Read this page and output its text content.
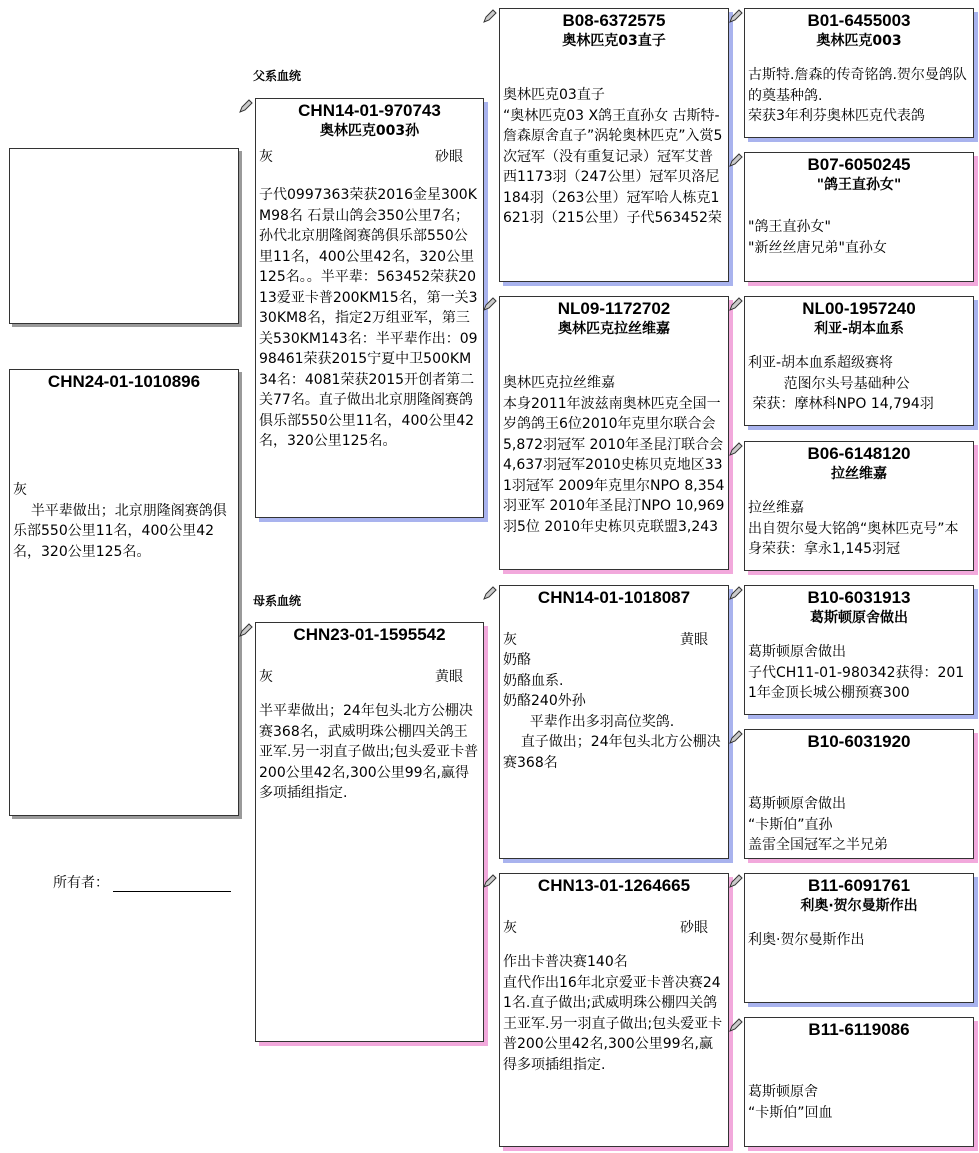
父系血统
母系血统
所有者：
CHN24-01-1010896
灰
半平辈做出；北京朋隆阁赛鸽俱乐部550公里11名，400公里42名，320公里125名。
CHN14-01-970743
奥林匹克003孙
灰	砂眼
子代0997363荣获2016金星300KM98名 石景山鸽会350公里7名；孙代北京朋隆阁赛鸽俱乐部550公里11名，400公里42名，320公里125名。。半平辈：563452荣获2013爱亚卡普200KM15名，第一关330KM8名，指定2万组亚军，第三关530KM143名：半平辈作出：0998461荣获2015宁夏中卫500KM34名：4081荣获2015开创者第二关77名。直子做出北京朋隆阁赛鸽俱乐部550公里11名，400公里42名，320公里125名。
CHN23-01-1595542
灰	黄眼
半平辈做出；24年包头北方公棚决赛368名，武威明珠公棚四关鸽王亚军.另一羽直子做出;包头爱亚卡普200公里42名,300公里99名,赢得多项插组指定.
B08-6372575
奥林匹克03直子
奥林匹克03直子
“奥林匹克03 X鸽王直孙女 古斯特-詹森原舍直子”涡轮奥林匹克”入赏5次冠军（没有重复记录）冠军艾普西1173羽（247公里）冠军贝洛尼184羽（263公里）冠军哈人栋克1621羽（215公里）子代563452荣
NL09-1172702
奥林匹克拉丝维嘉
奥林匹克拉丝维嘉
本身2011年波兹南奥林匹克全国一岁鸽鸽王6位2010年克里尔联合会5,872羽冠军 2010年圣昆汀联合会4,637羽冠军2010史栋贝克地区331羽冠军 2009年克里尔NPO 8,354羽亚军 2010年圣昆汀NPO 10,969羽5位 2010年史栋贝克联盟3,243
CHN14-01-1018087
灰	黄眼
奶酪
奶酪血系.
奶酪240外孙
平辈作出多羽高位奖鸽.
直子做出；24年包头北方公棚决赛368名
CHN13-01-1264665
灰	砂眼
作出卡普决赛140名
直代作出16年北京爱亚卡普决赛241名.直子做出;武威明珠公棚四关鸽王亚军.另一羽直子做出;包头爱亚卡普200公里42名,300公里99名,赢得多项插组指定.
B01-6455003
奥林匹克003
古斯特.詹森的传奇铭鸽.贺尔曼鸽队的奠基种鸽.
荣获3年利芬奥林匹克代表鸽
B07-6050245
"鸽王直孙女"
"鸽王直孙女"
"新丝丝唐兄弟"直孙女
NL00-1957240
利亚-胡本血系
利亚-胡本血系超级赛将
范图尔头号基础种公
荣获：摩林科NPO 14,794羽
B06-6148120
拉丝维嘉
拉丝维嘉
出自贺尔曼大铭鸽“奥林匹克号”本身荣获：拿永1,145羽冠
B10-6031913
葛斯顿原舍做出
葛斯顿原舍做出
子代CH11-01-980342获得：2011年金顶长城公棚预赛300
B10-6031920
葛斯顿原舍做出
“卡斯伯”直孙
盖雷全国冠军之半兄弟
B11-6091761
利奥·贺尔曼斯作出
利奥·贺尔曼斯作出
B11-6119086
葛斯顿原舍
“卡斯伯”回血
